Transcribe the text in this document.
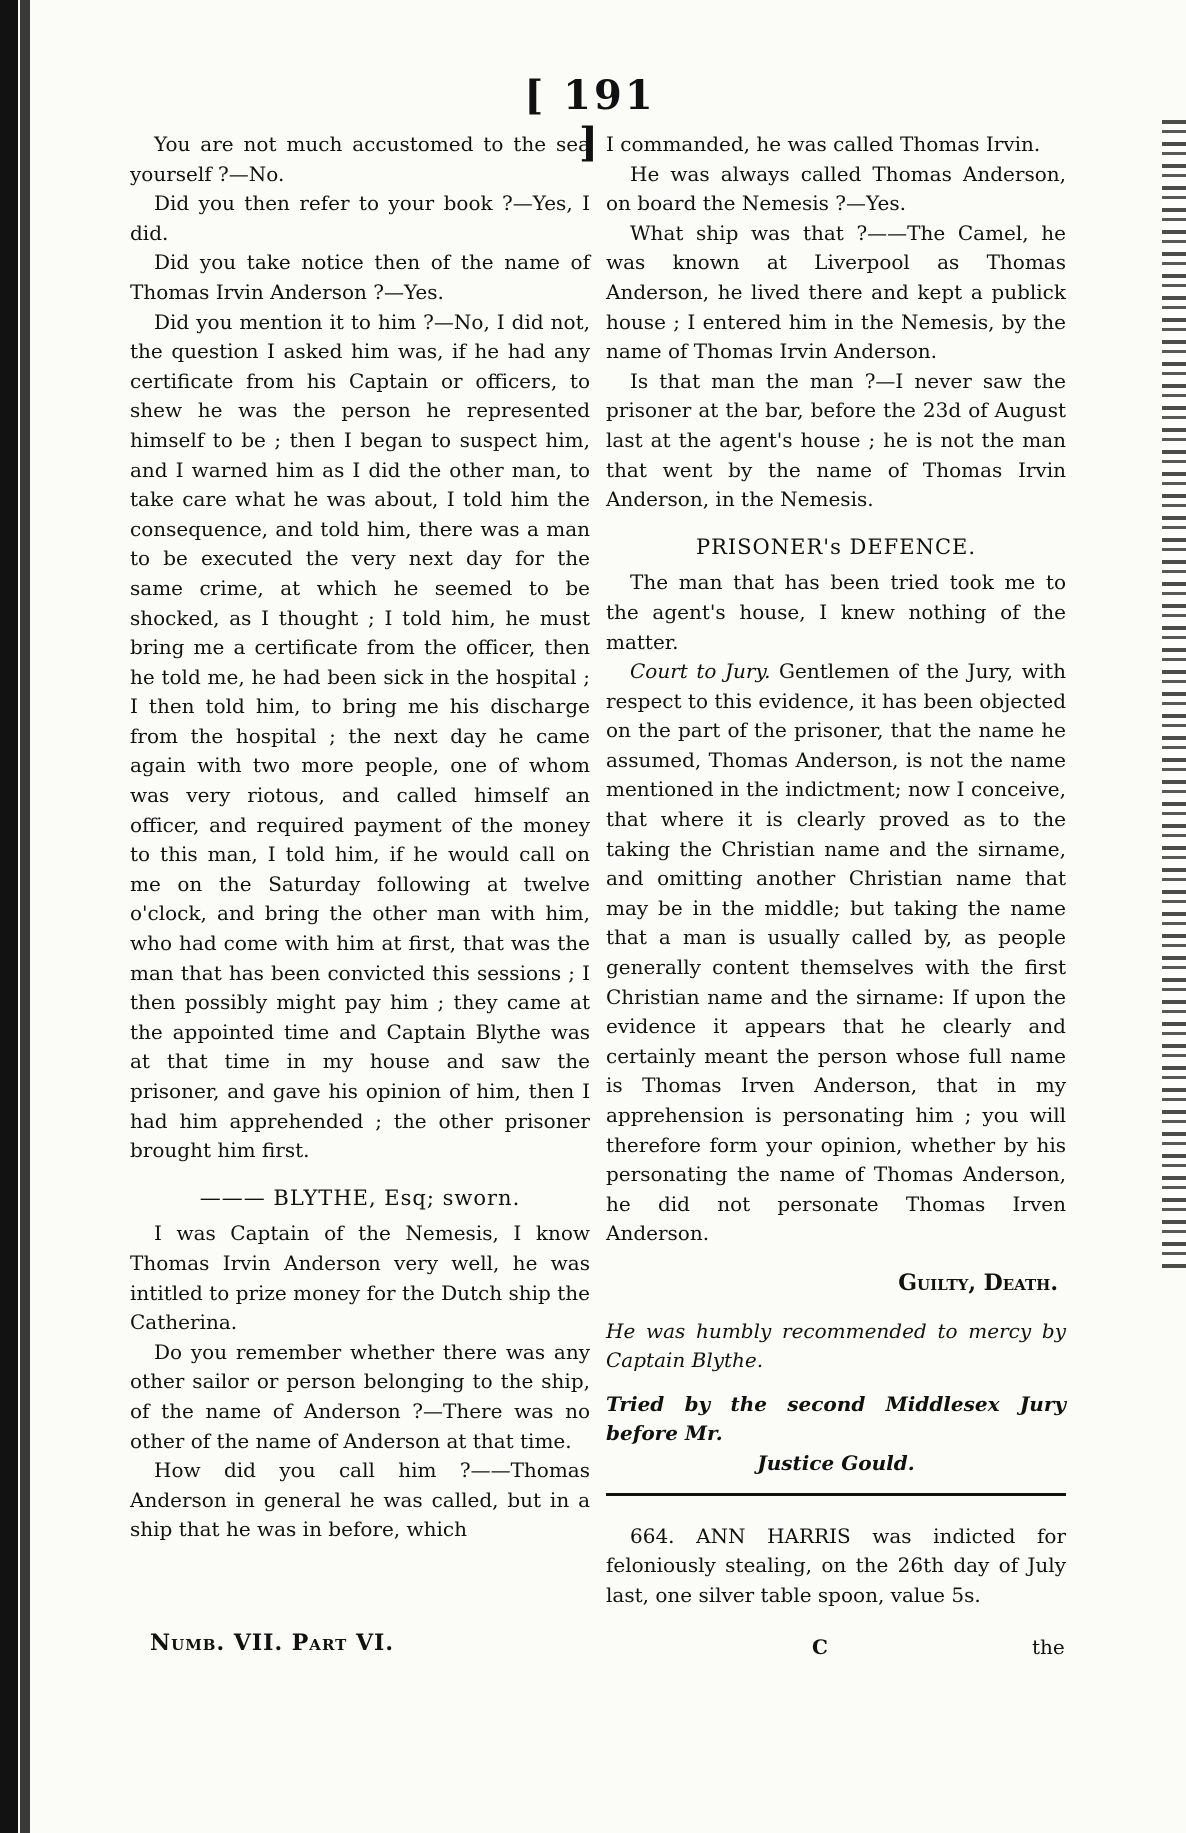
[ 191 ]

You are not much accustomed to the sea yourself ?—No.

Did you then refer to your book ?—Yes, I did.

Did you take notice then of the name of Thomas Irvin Anderson ?—Yes.

Did you mention it to him ?—No, I did not, the question I asked him was, if he had any certificate from his Captain or officers, to shew he was the person he represented himself to be ; then I began to suspect him, and I warned him as I did the other man, to take care what he was about, I told him the consequence, and told him, there was a man to be executed the very next day for the same crime, at which he seemed to be shocked, as I thought ; I told him, he must bring me a certificate from the officer, then he told me, he had been sick in the hospital ; I then told him, to bring me his discharge from the hospital ; the next day he came again with two more people, one of whom was very riotous, and called himself an officer, and required payment of the money to this man, I told him, if he would call on me on the Saturday following at twelve o'clock, and bring the other man with him, who had come with him at first, that was the man that has been convicted this sessions ; I then possibly might pay him ; they came at the appointed time and Captain Blythe was at that time in my house and saw the prisoner, and gave his opinion of him, then I had him apprehended ; the other prisoner brought him first.

——— BLYTHE, Esq; sworn.

I was Captain of the Nemesis, I know Thomas Irvin Anderson very well, he was intitled to prize money for the Dutch ship the Catherina.

Do you remember whether there was any other sailor or person belonging to the ship, of the name of Anderson ?—There was no other of the name of Anderson at that time.

How did you call him ?——Thomas Anderson in general he was called, but in a ship that he was in before, which

I commanded, he was called Thomas Irvin.

He was always called Thomas Anderson, on board the Nemesis ?—Yes.

What ship was that ?——The Camel, he was known at Liverpool as Thomas Anderson, he lived there and kept a publick house ; I entered him in the Nemesis, by the name of Thomas Irvin Anderson.

Is that man the man ?—I never saw the prisoner at the bar, before the 23d of August last at the agent's house ; he is not the man that went by the name of Thomas Irvin Anderson, in the Nemesis.

PRISONER's DEFENCE.

The man that has been tried took me to the agent's house, I knew nothing of the matter.

Court to Jury. Gentlemen of the Jury, with respect to this evidence, it has been objected on the part of the prisoner, that the name he assumed, Thomas Anderson, is not the name mentioned in the indictment; now I conceive, that where it is clearly proved as to the taking the Christian name and the sirname, and omitting another Christian name that may be in the middle; but taking the name that a man is usually called by, as people generally content themselves with the first Christian name and the sirname: If upon the evidence it appears that he clearly and certainly meant the person whose full name is Thomas Irven Anderson, that in my apprehension is personating him ; you will therefore form your opinion, whether by his personating the name of Thomas Anderson, he did not personate Thomas Irven Anderson.

Guilty, Death.

He was humbly recommended to mercy by Captain Blythe.

Tried by the second Middlesex Jury before Mr.
Justice Gould.

664. ANN HARRIS was indicted for feloniously stealing, on the 26th day of July last, one silver table spoon, value 5s.

Numb. VII. Part VI.	C	the
